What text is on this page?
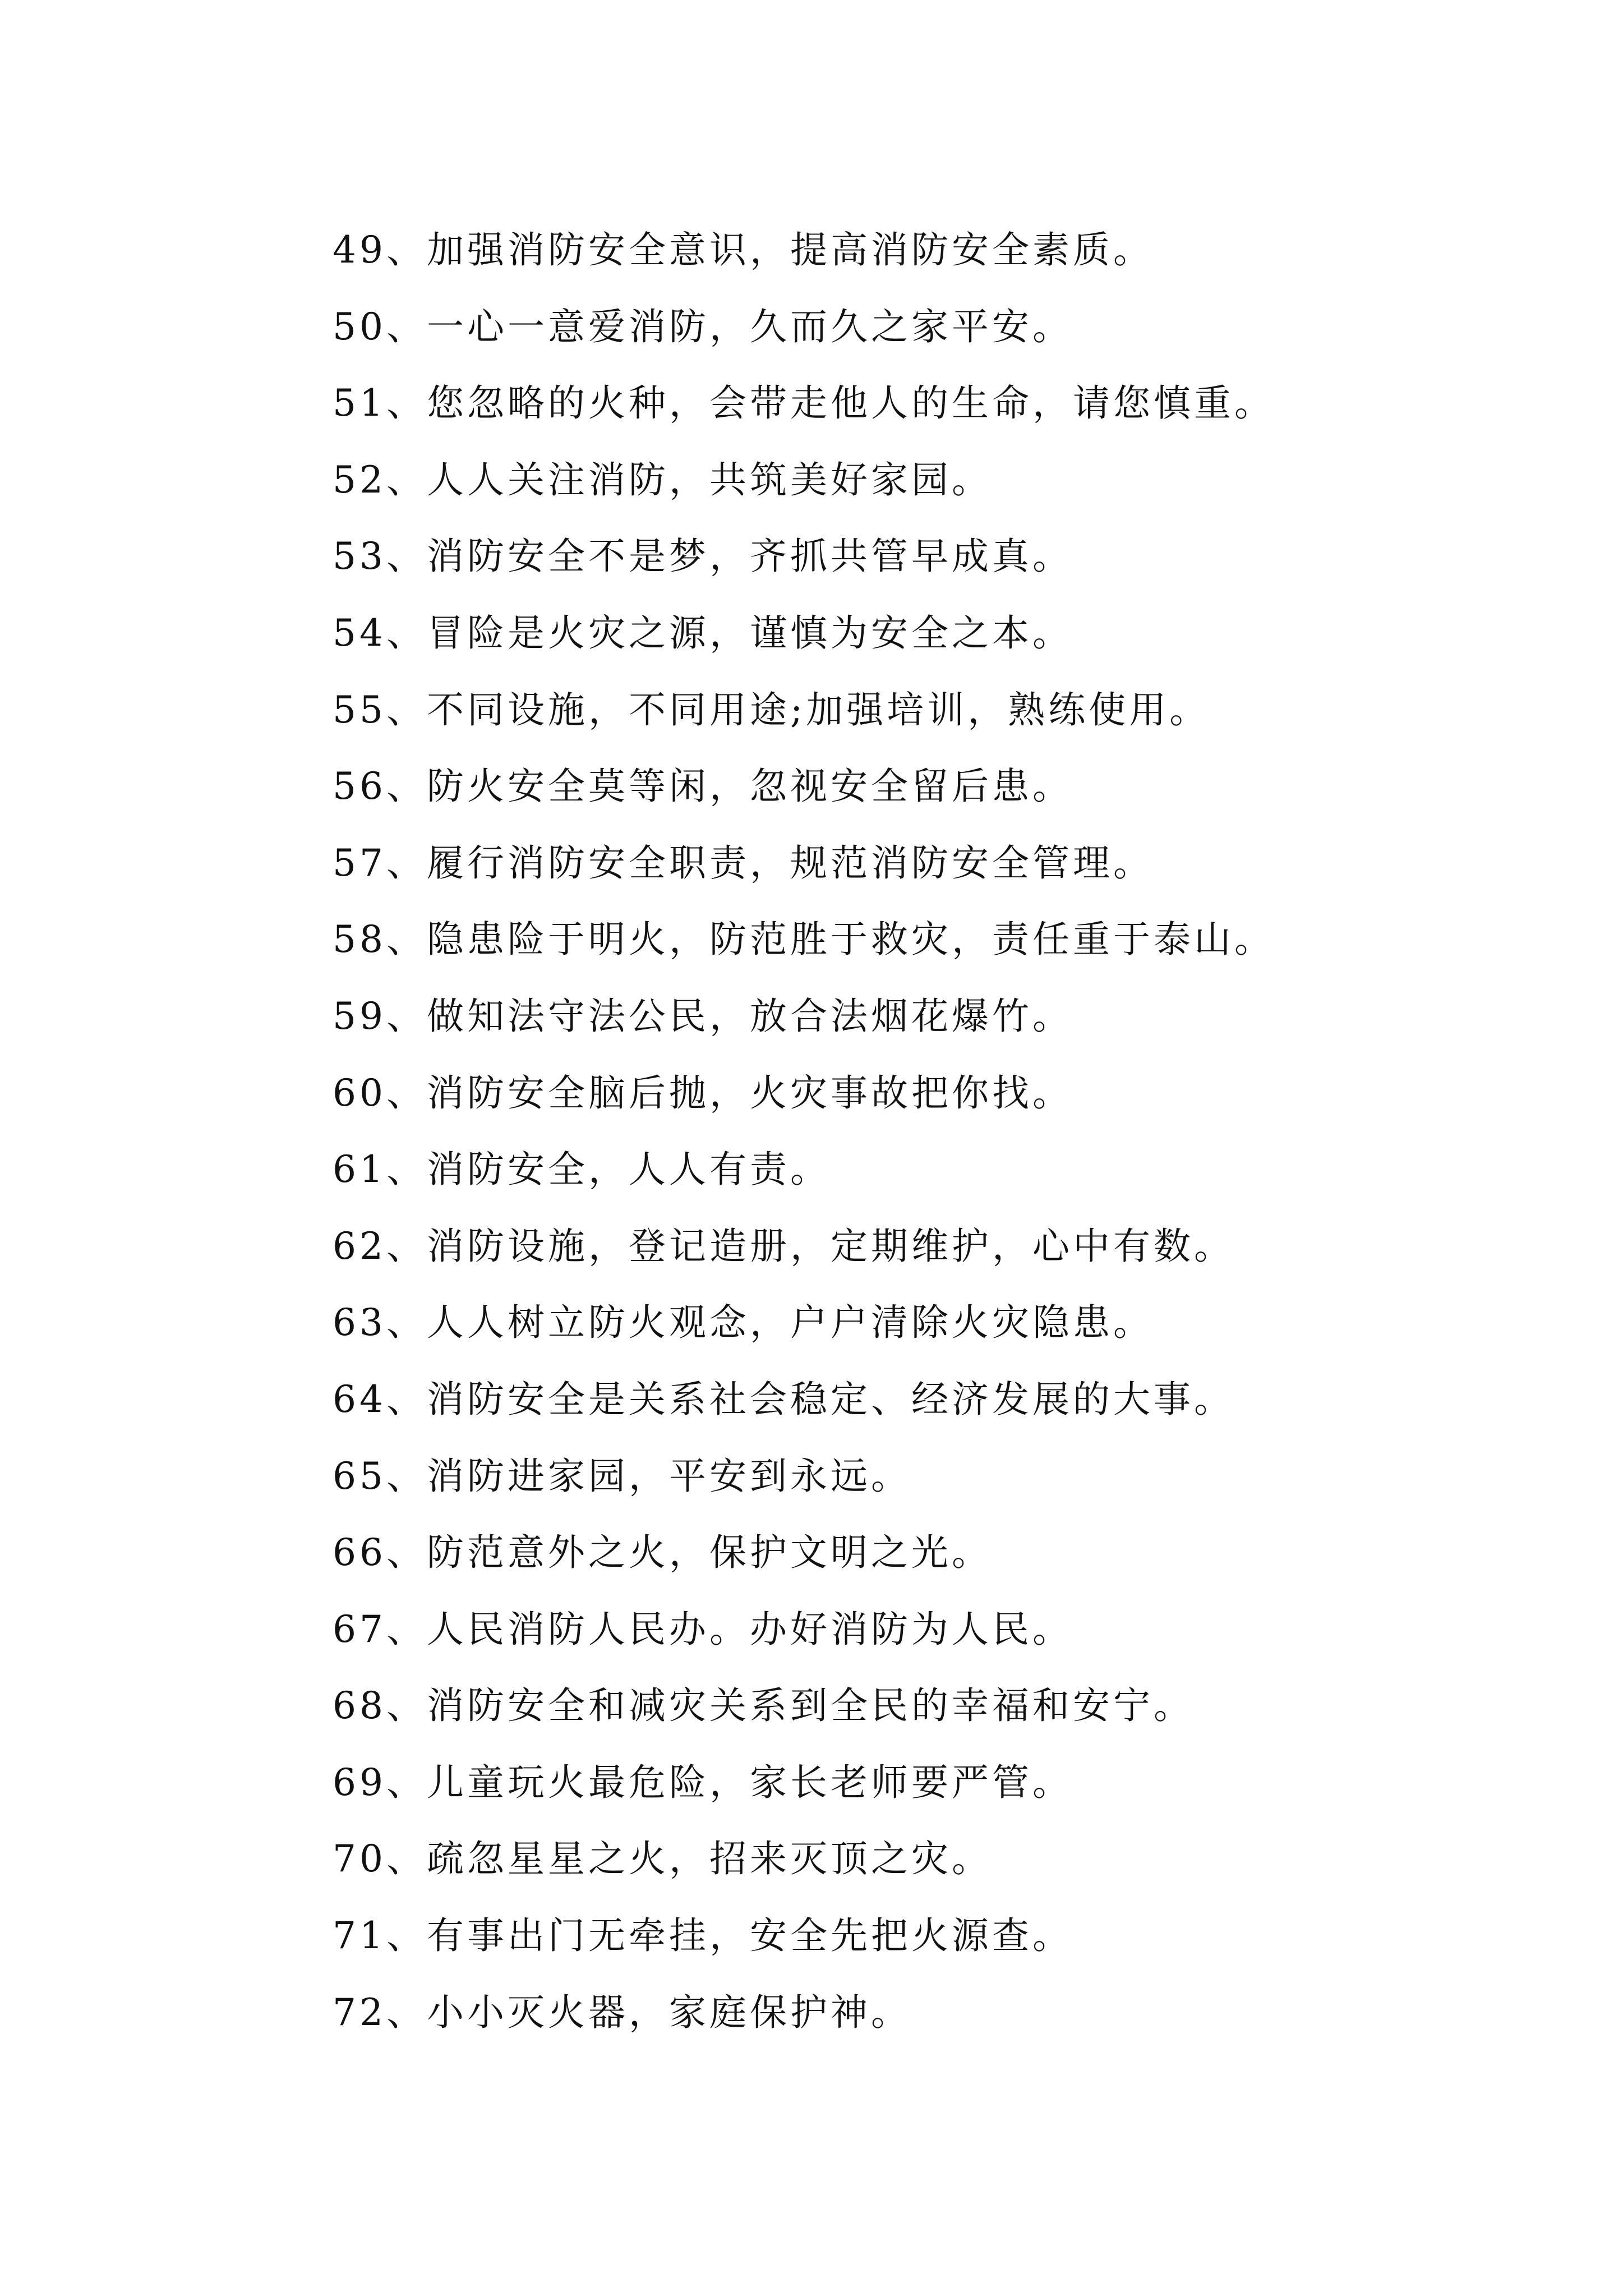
49、加强消防安全意识，提高消防安全素质。
50、一心一意爱消防，久而久之家平安。
51、您忽略的火种，会带走他人的生命，请您慎重。
52、人人关注消防，共筑美好家园。
53、消防安全不是梦，齐抓共管早成真。
54、冒险是火灾之源，谨慎为安全之本。
55、不同设施，不同用途;加强培训，熟练使用。
56、防火安全莫等闲，忽视安全留后患。
57、履行消防安全职责，规范消防安全管理。
58、隐患险于明火，防范胜于救灾，责任重于泰山。
59、做知法守法公民，放合法烟花爆竹。
60、消防安全脑后抛，火灾事故把你找。
61、消防安全，人人有责。
62、消防设施，登记造册，定期维护，心中有数。
63、人人树立防火观念，户户清除火灾隐患。
64、消防安全是关系社会稳定、经济发展的大事。
65、消防进家园，平安到永远。
66、防范意外之火，保护文明之光。
67、人民消防人民办。办好消防为人民。
68、消防安全和减灾关系到全民的幸福和安宁。
69、儿童玩火最危险，家长老师要严管。
70、疏忽星星之火，招来灭顶之灾。
71、有事出门无牵挂，安全先把火源查。
72、小小灭火器，家庭保护神。
